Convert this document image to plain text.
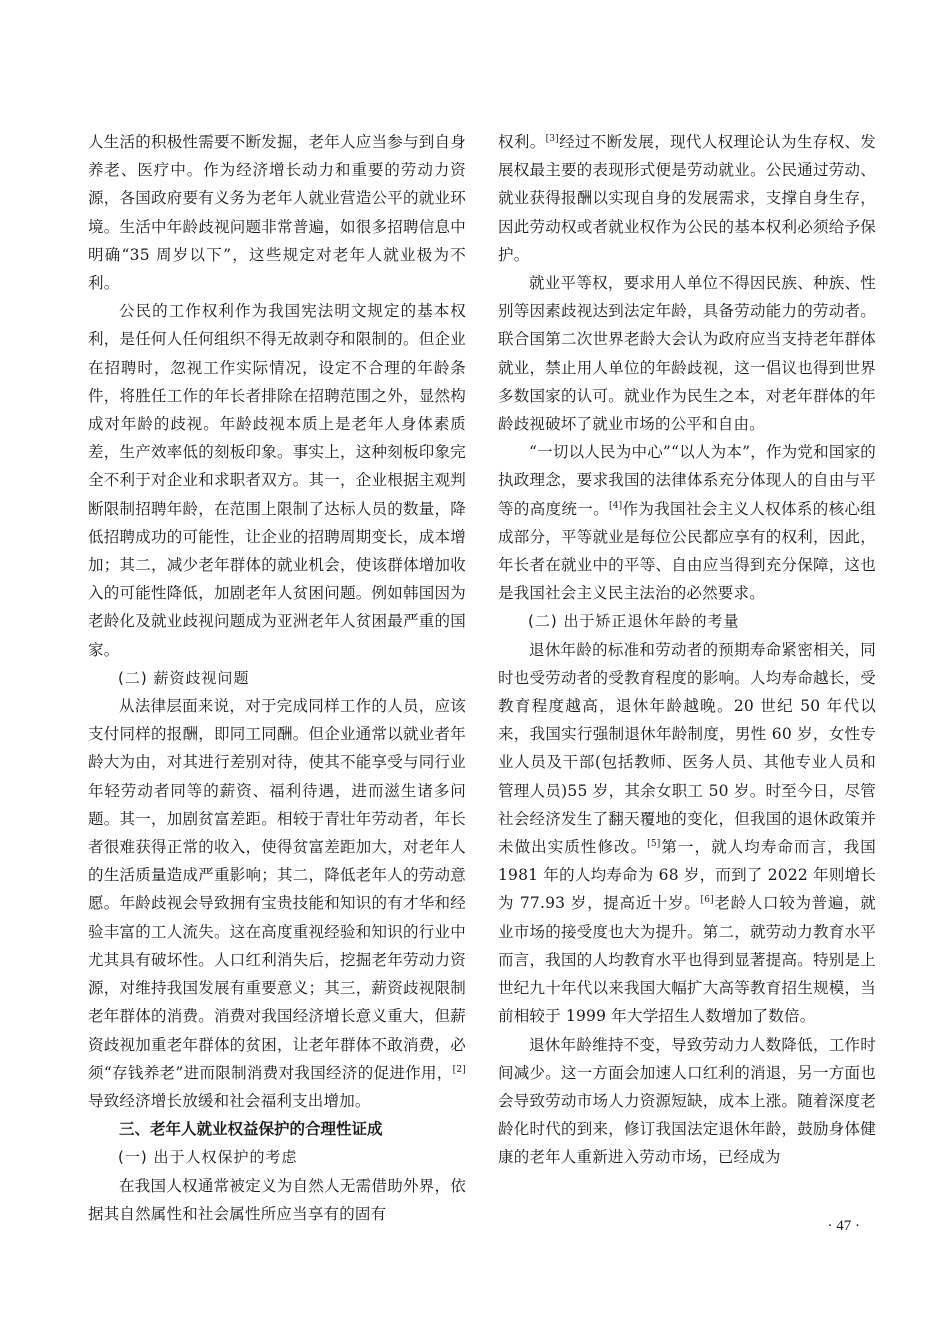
人生活的积极性需要不断发掘，老年人应当参与到自身养老、医疗中。作为经济增长动力和重要的劳动力资源，各国政府要有义务为老年人就业营造公平的就业环境。生活中年龄歧视问题非常普遍，如很多招聘信息中明确“35 周岁以下”，这些规定对老年人就业极为不利。

公民的工作权利作为我国宪法明文规定的基本权利，是任何人任何组织不得无故剥夺和限制的。但企业在招聘时，忽视工作实际情况，设定不合理的年龄条件，将胜任工作的年长者排除在招聘范围之外，显然构成对年龄的歧视。年龄歧视本质上是老年人身体素质差，生产效率低的刻板印象。事实上，这种刻板印象完全不利于对企业和求职者双方。其一，企业根据主观判断限制招聘年龄，在范围上限制了达标人员的数量，降低招聘成功的可能性，让企业的招聘周期变长，成本增加；其二，减少老年群体的就业机会，使该群体增加收入的可能性降低，加剧老年人贫困问题。例如韩国因为老龄化及就业歧视问题成为亚洲老年人贫困最严重的国家。

(二) 薪资歧视问题

从法律层面来说，对于完成同样工作的人员，应该支付同样的报酬，即同工同酬。但企业通常以就业者年龄大为由，对其进行差别对待，使其不能享受与同行业年轻劳动者同等的薪资、福利待遇，进而滋生诸多问题。其一，加剧贫富差距。相较于青壮年劳动者，年长者很难获得正常的收入，使得贫富差距加大，对老年人的生活质量造成严重影响；其二，降低老年人的劳动意愿。年龄歧视会导致拥有宝贵技能和知识的有才华和经验丰富的工人流失。这在高度重视经验和知识的行业中尤其具有破坏性。人口红利消失后，挖掘老年劳动力资源，对维持我国发展有重要意义；其三，薪资歧视限制老年群体的消费。消费对我国经济增长意义重大，但薪资歧视加重老年群体的贫困，让老年群体不敢消费，必须“存钱养老”进而限制消费对我国经济的促进作用，[2]导致经济增长放缓和社会福利支出增加。

三、老年人就业权益保护的合理性证成

(一) 出于人权保护的考虑

在我国人权通常被定义为自然人无需借助外界，依据其自然属性和社会属性所应当享有的固有

权利。[3]经过不断发展，现代人权理论认为生存权、发展权最主要的表现形式便是劳动就业。公民通过劳动、就业获得报酬以实现自身的发展需求，支撑自身生存，因此劳动权或者就业权作为公民的基本权利必须给予保护。

就业平等权，要求用人单位不得因民族、种族、性别等因素歧视达到法定年龄，具备劳动能力的劳动者。联合国第二次世界老龄大会认为政府应当支持老年群体就业，禁止用人单位的年龄歧视，这一倡议也得到世界多数国家的认可。就业作为民生之本，对老年群体的年龄歧视破坏了就业市场的公平和自由。

“一切以人民为中心”“以人为本”，作为党和国家的执政理念，要求我国的法律体系充分体现人的自由与平等的高度统一。[4]作为我国社会主义人权体系的核心组成部分，平等就业是每位公民都应享有的权利，因此，年长者在就业中的平等、自由应当得到充分保障，这也是我国社会主义民主法治的必然要求。

(二) 出于矫正退休年龄的考量

退休年龄的标准和劳动者的预期寿命紧密相关，同时也受劳动者的受教育程度的影响。人均寿命越长，受教育程度越高，退休年龄越晚。20 世纪 50 年代以来，我国实行强制退休年龄制度，男性 60 岁，女性专业人员及干部(包括教师、医务人员、其他专业人员和管理人员)55 岁，其余女职工 50 岁。时至今日，尽管社会经济发生了翻天覆地的变化，但我国的退休政策并未做出实质性修改。[5]第一，就人均寿命而言，我国 1981 年的人均寿命为 68 岁，而到了 2022 年则增长为 77.93 岁，提高近十岁。[6]老龄人口较为普遍，就业市场的接受度也大为提升。第二，就劳动力教育水平而言，我国的人均教育水平也得到显著提高。特别是上世纪九十年代以来我国大幅扩大高等教育招生规模，当前相较于 1999 年大学招生人数增加了数倍。

退休年龄维持不变，导致劳动力人数降低，工作时间减少。这一方面会加速人口红利的消退，另一方面也会导致劳动市场人力资源短缺，成本上涨。随着深度老龄化时代的到来，修订我国法定退休年龄，鼓励身体健康的老年人重新进入劳动市场，已经成为

· 47 ·
